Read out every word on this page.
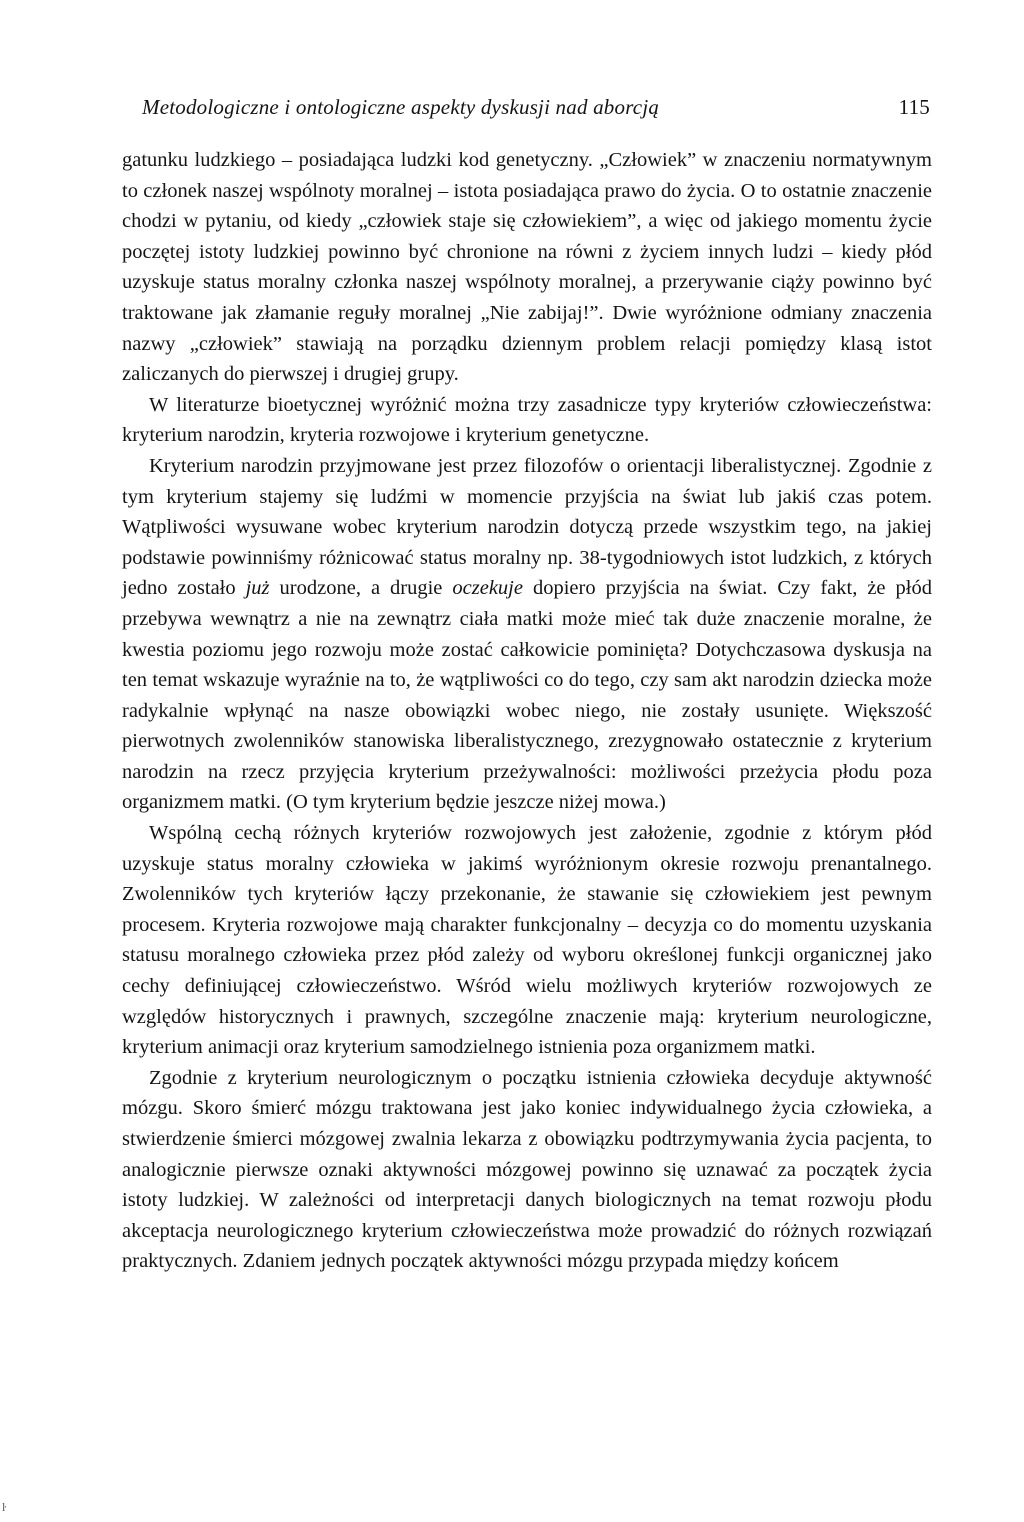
Metodologiczne i ontologiczne aspekty dyskusji nad aborcją	115

gatunku ludzkiego – posiadająca ludzki kod genetyczny. „Człowiek” w znaczeniu normatywnym to członek naszej wspólnoty moralnej – istota posiadająca prawo do życia. O to ostatnie znaczenie chodzi w pytaniu, od kiedy „człowiek staje się człowiekiem”, a więc od jakiego momentu życie poczętej istoty ludzkiej powinno być chronione na równi z życiem innych ludzi – kiedy płód uzyskuje status moralny członka naszej wspólnoty moralnej, a przerywanie ciąży powinno być traktowane jak złamanie reguły moralnej „Nie zabijaj!”. Dwie wyróżnione odmiany znaczenia nazwy „człowiek” stawiają na porządku dziennym problem relacji pomiędzy klasą istot zaliczanych do pierwszej i drugiej grupy.

W literaturze bioetycznej wyróżnić można trzy zasadnicze typy kryteriów człowieczeństwa: kryterium narodzin, kryteria rozwojowe i kryterium genetyczne.

Kryterium narodzin przyjmowane jest przez filozofów o orientacji liberalistycznej. Zgodnie z tym kryterium stajemy się ludźmi w momencie przyjścia na świat lub jakiś czas potem. Wątpliwości wysuwane wobec kryterium narodzin dotyczą przede wszystkim tego, na jakiej podstawie powinniśmy różnicować status moralny np. 38-tygodniowych istot ludzkich, z których jedno zostało już urodzone, a drugie oczekuje dopiero przyjścia na świat. Czy fakt, że płód przebywa wewnątrz a nie na zewnątrz ciała matki może mieć tak duże znaczenie moralne, że kwestia poziomu jego rozwoju może zostać całkowicie pominięta? Dotychczasowa dyskusja na ten temat wskazuje wyraźnie na to, że wątpliwości co do tego, czy sam akt narodzin dziecka może radykalnie wpłynąć na nasze obowiązki wobec niego, nie zostały usunięte. Większość pierwotnych zwolenników stanowiska liberalistycznego, zrezygnowało ostatecznie z kryterium narodzin na rzecz przyjęcia kryterium przeżywalności: możliwości przeżycia płodu poza organizmem matki. (O tym kryterium będzie jeszcze niżej mowa.)

Wspólną cechą różnych kryteriów rozwojowych jest założenie, zgodnie z którym płód uzyskuje status moralny człowieka w jakimś wyróżnionym okresie rozwoju prenantalnego. Zwolenników tych kryteriów łączy przekonanie, że stawanie się człowiekiem jest pewnym procesem. Kryteria rozwojowe mają charakter funkcjonalny – decyzja co do momentu uzyskania statusu moralnego człowieka przez płód zależy od wyboru określonej funkcji organicznej jako cechy definiującej człowieczeństwo. Wśród wielu możliwych kryteriów rozwojowych ze względów historycznych i prawnych, szczególne znaczenie mają: kryterium neurologiczne, kryterium animacji oraz kryterium samodzielnego istnienia poza organizmem matki.

Zgodnie z kryterium neurologicznym o początku istnienia człowieka decyduje aktywność mózgu. Skoro śmierć mózgu traktowana jest jako koniec indywidualnego życia człowieka, a stwierdzenie śmierci mózgowej zwalnia lekarza z obowiązku podtrzymywania życia pacjenta, to analogicznie pierwsze oznaki aktywności mózgowej powinno się uznawać za początek życia istoty ludzkiej. W zależności od interpretacji danych biologicznych na temat rozwoju płodu akceptacja neurologicznego kryterium człowieczeństwa może prowadzić do różnych rozwiązań praktycznych. Zdaniem jednych początek aktywności mózgu przypada między końcem

ŀ
